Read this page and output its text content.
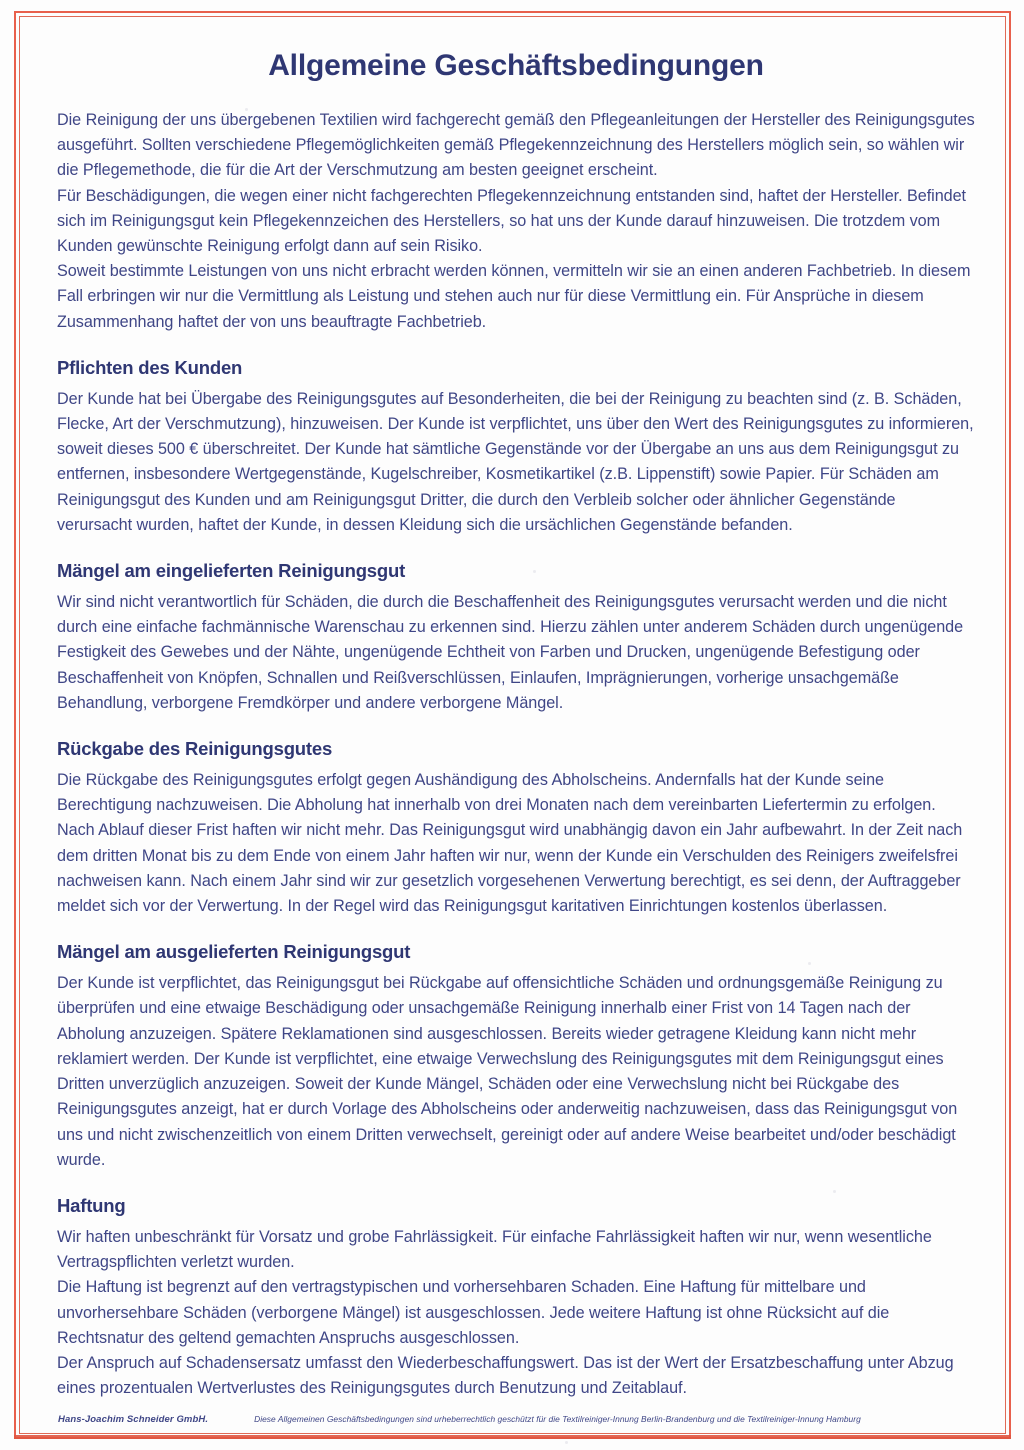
Allgemeine Geschäftsbedingungen

Die Reinigung der uns übergebenen Textilien wird fachgerecht gemäß den Pflegeanleitungen der Hersteller des Reinigungsgutes ausgeführt. Sollten verschiedene Pflegemöglichkeiten gemäß Pflegekennzeichnung des Herstellers möglich sein, so wählen wir die Pflegemethode, die für die Art der Verschmutzung am besten geeignet erscheint.

Für Beschädigungen, die wegen einer nicht fachgerechten Pflegekennzeichnung entstanden sind, haftet der Hersteller. Befindet sich im Reinigungsgut kein Pflegekennzeichen des Herstellers, so hat uns der Kunde darauf hinzuweisen. Die trotzdem vom Kunden gewünschte Reinigung erfolgt dann auf sein Risiko.

Soweit bestimmte Leistungen von uns nicht erbracht werden können, vermitteln wir sie an einen anderen Fachbetrieb. In diesem Fall erbringen wir nur die Vermittlung als Leistung und stehen auch nur für diese Vermittlung ein. Für Ansprüche in diesem Zusammenhang haftet der von uns beauftragte Fachbetrieb.

Pflichten des Kunden

Der Kunde hat bei Übergabe des Reinigungsgutes auf Besonderheiten, die bei der Reinigung zu beachten sind (z. B. Schäden, Flecke, Art der Verschmutzung), hinzuweisen. Der Kunde ist verpflichtet, uns über den Wert des Reinigungsgutes zu informieren, soweit dieses 500 € überschreitet. Der Kunde hat sämtliche Gegenstände vor der Übergabe an uns aus dem Reinigungsgut zu entfernen, insbesondere Wertgegenstände, Kugelschreiber, Kosmetikartikel (z.B. Lippenstift) sowie Papier. Für Schäden am Reinigungsgut des Kunden und am Reinigungsgut Dritter, die durch den Verbleib solcher oder ähnlicher Gegenstände verursacht wurden, haftet der Kunde, in dessen Kleidung sich die ursächlichen Gegenstände befanden.

Mängel am eingelieferten Reinigungsgut

Wir sind nicht verantwortlich für Schäden, die durch die Beschaffenheit des Reinigungsgutes verursacht werden und die nicht durch eine einfache fachmännische Warenschau zu erkennen sind. Hierzu zählen unter anderem Schäden durch ungenügende Festigkeit des Gewebes und der Nähte, ungenügende Echtheit von Farben und Drucken, ungenügende Befestigung oder Beschaffenheit von Knöpfen, Schnallen und Reißverschlüssen, Einlaufen, Imprägnierungen, vorherige unsachgemäße Behandlung, verborgene Fremdkörper und andere verborgene Mängel.

Rückgabe des Reinigungsgutes

Die Rückgabe des Reinigungsgutes erfolgt gegen Aushändigung des Abholscheins. Andernfalls hat der Kunde seine Berechtigung nachzuweisen. Die Abholung hat innerhalb von drei Monaten nach dem vereinbarten Liefertermin zu erfolgen. Nach Ablauf dieser Frist haften wir nicht mehr. Das Reinigungsgut wird unabhängig davon ein Jahr aufbewahrt. In der Zeit nach dem dritten Monat bis zu dem Ende von einem Jahr haften wir nur, wenn der Kunde ein Verschulden des Reinigers zweifelsfrei nachweisen kann. Nach einem Jahr sind wir zur gesetzlich vorgesehenen Verwertung berechtigt, es sei denn, der Auftraggeber meldet sich vor der Verwertung. In der Regel wird das Reinigungsgut karitativen Einrichtungen kostenlos überlassen.

Mängel am ausgelieferten Reinigungsgut

Der Kunde ist verpflichtet, das Reinigungsgut bei Rückgabe auf offensichtliche Schäden und ordnungsgemäße Reinigung zu überprüfen und eine etwaige Beschädigung oder unsachgemäße Reinigung innerhalb einer Frist von 14 Tagen nach der Abholung anzuzeigen. Spätere Reklamationen sind ausgeschlossen. Bereits wieder getragene Kleidung kann nicht mehr reklamiert werden. Der Kunde ist verpflichtet, eine etwaige Verwechslung des Reinigungsgutes mit dem Reinigungsgut eines Dritten unverzüglich anzuzeigen. Soweit der Kunde Mängel, Schäden oder eine Verwechslung nicht bei Rückgabe des Reinigungsgutes anzeigt, hat er durch Vorlage des Abholscheins oder anderweitig nachzuweisen, dass das Reinigungsgut von uns und nicht zwischenzeitlich von einem Dritten verwechselt, gereinigt oder auf andere Weise bearbeitet und/oder beschädigt wurde.

Haftung

Wir haften unbeschränkt für Vorsatz und grobe Fahrlässigkeit. Für einfache Fahrlässigkeit haften wir nur, wenn wesentliche Vertragspflichten verletzt wurden.

Die Haftung ist begrenzt auf den vertragstypischen und vorhersehbaren Schaden. Eine Haftung für mittelbare und unvorhersehbare Schäden (verborgene Mängel) ist ausgeschlossen. Jede weitere Haftung ist ohne Rücksicht auf die Rechtsnatur des geltend gemachten Anspruchs ausgeschlossen.

Der Anspruch auf Schadensersatz umfasst den Wiederbeschaffungswert. Das ist der Wert der Ersatzbeschaffung unter Abzug eines prozentualen Wertverlustes des Reinigungsgutes durch Benutzung und Zeitablauf.

Hans-Joachim Schneider GmbH.	Diese Allgemeinen Geschäftsbedingungen sind urheberrechtlich geschützt für die Textilreiniger-Innung Berlin-Brandenburg und die Textilreiniger-Innung Hamburg
